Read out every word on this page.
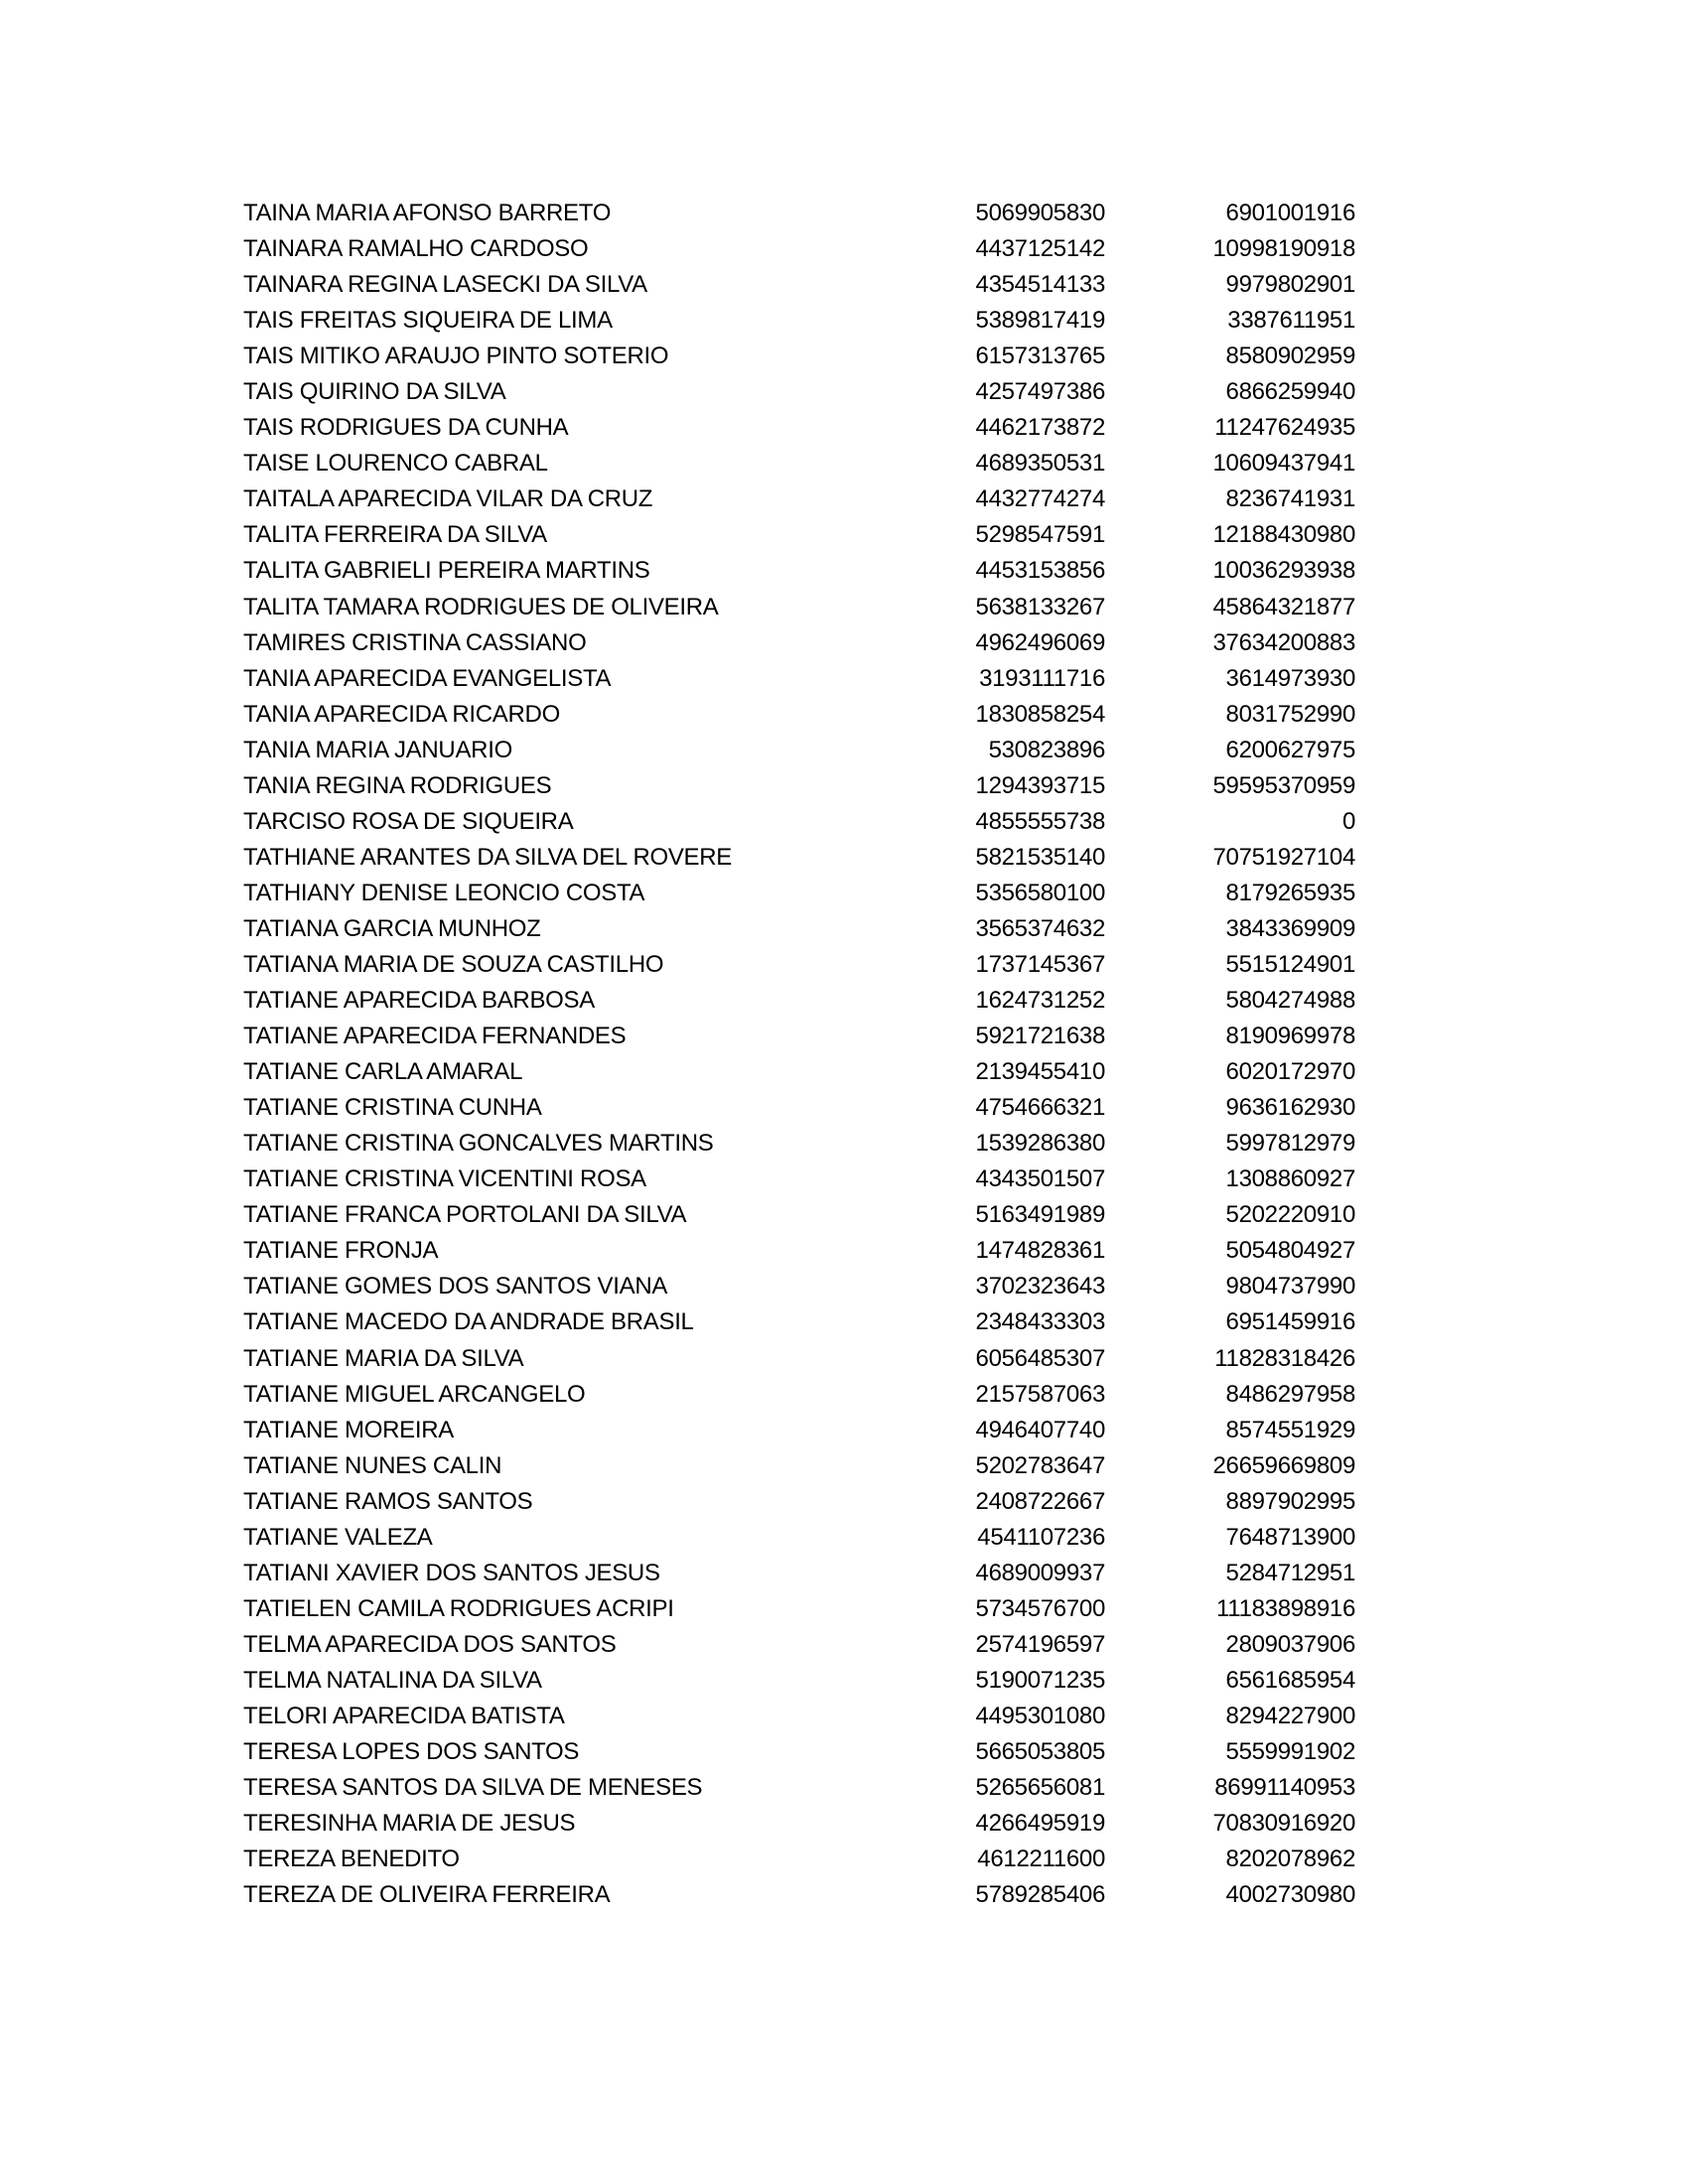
TAINA MARIA AFONSO BARRETO	5069905830	6901001916
TAINARA RAMALHO CARDOSO	4437125142	10998190918
TAINARA REGINA LASECKI DA SILVA	4354514133	9979802901
TAIS FREITAS SIQUEIRA DE LIMA	5389817419	3387611951
TAIS MITIKO ARAUJO PINTO SOTERIO	6157313765	8580902959
TAIS QUIRINO DA SILVA	4257497386	6866259940
TAIS RODRIGUES DA CUNHA	4462173872	11247624935
TAISE LOURENCO CABRAL	4689350531	10609437941
TAITALA APARECIDA VILAR DA CRUZ	4432774274	8236741931
TALITA FERREIRA DA SILVA	5298547591	12188430980
TALITA GABRIELI PEREIRA MARTINS	4453153856	10036293938
TALITA TAMARA RODRIGUES DE OLIVEIRA	5638133267	45864321877
TAMIRES CRISTINA CASSIANO	4962496069	37634200883
TANIA APARECIDA EVANGELISTA	3193111716	3614973930
TANIA APARECIDA RICARDO	1830858254	8031752990
TANIA MARIA JANUARIO	530823896	6200627975
TANIA REGINA RODRIGUES	1294393715	59595370959
TARCISO ROSA DE SIQUEIRA	4855555738	0
TATHIANE ARANTES DA SILVA DEL ROVERE	5821535140	70751927104
TATHIANY DENISE LEONCIO COSTA	5356580100	8179265935
TATIANA GARCIA MUNHOZ	3565374632	3843369909
TATIANA MARIA DE SOUZA CASTILHO	1737145367	5515124901
TATIANE APARECIDA BARBOSA	1624731252	5804274988
TATIANE APARECIDA FERNANDES	5921721638	8190969978
TATIANE CARLA AMARAL	2139455410	6020172970
TATIANE CRISTINA CUNHA	4754666321	9636162930
TATIANE CRISTINA GONCALVES MARTINS	1539286380	5997812979
TATIANE CRISTINA VICENTINI ROSA	4343501507	1308860927
TATIANE FRANCA PORTOLANI DA SILVA	5163491989	5202220910
TATIANE FRONJA	1474828361	5054804927
TATIANE GOMES DOS SANTOS VIANA	3702323643	9804737990
TATIANE MACEDO DA ANDRADE BRASIL	2348433303	6951459916
TATIANE MARIA DA SILVA	6056485307	11828318426
TATIANE MIGUEL ARCANGELO	2157587063	8486297958
TATIANE MOREIRA	4946407740	8574551929
TATIANE NUNES CALIN	5202783647	26659669809
TATIANE RAMOS SANTOS	2408722667	8897902995
TATIANE VALEZA	4541107236	7648713900
TATIANI XAVIER DOS SANTOS JESUS	4689009937	5284712951
TATIELEN CAMILA RODRIGUES ACRIPI	5734576700	11183898916
TELMA APARECIDA DOS SANTOS	2574196597	2809037906
TELMA NATALINA DA SILVA	5190071235	6561685954
TELORI APARECIDA BATISTA	4495301080	8294227900
TERESA LOPES DOS SANTOS	5665053805	5559991902
TERESA SANTOS DA SILVA DE MENESES	5265656081	86991140953
TERESINHA MARIA DE JESUS	4266495919	70830916920
TEREZA BENEDITO	4612211600	8202078962
TEREZA DE OLIVEIRA FERREIRA	5789285406	4002730980
